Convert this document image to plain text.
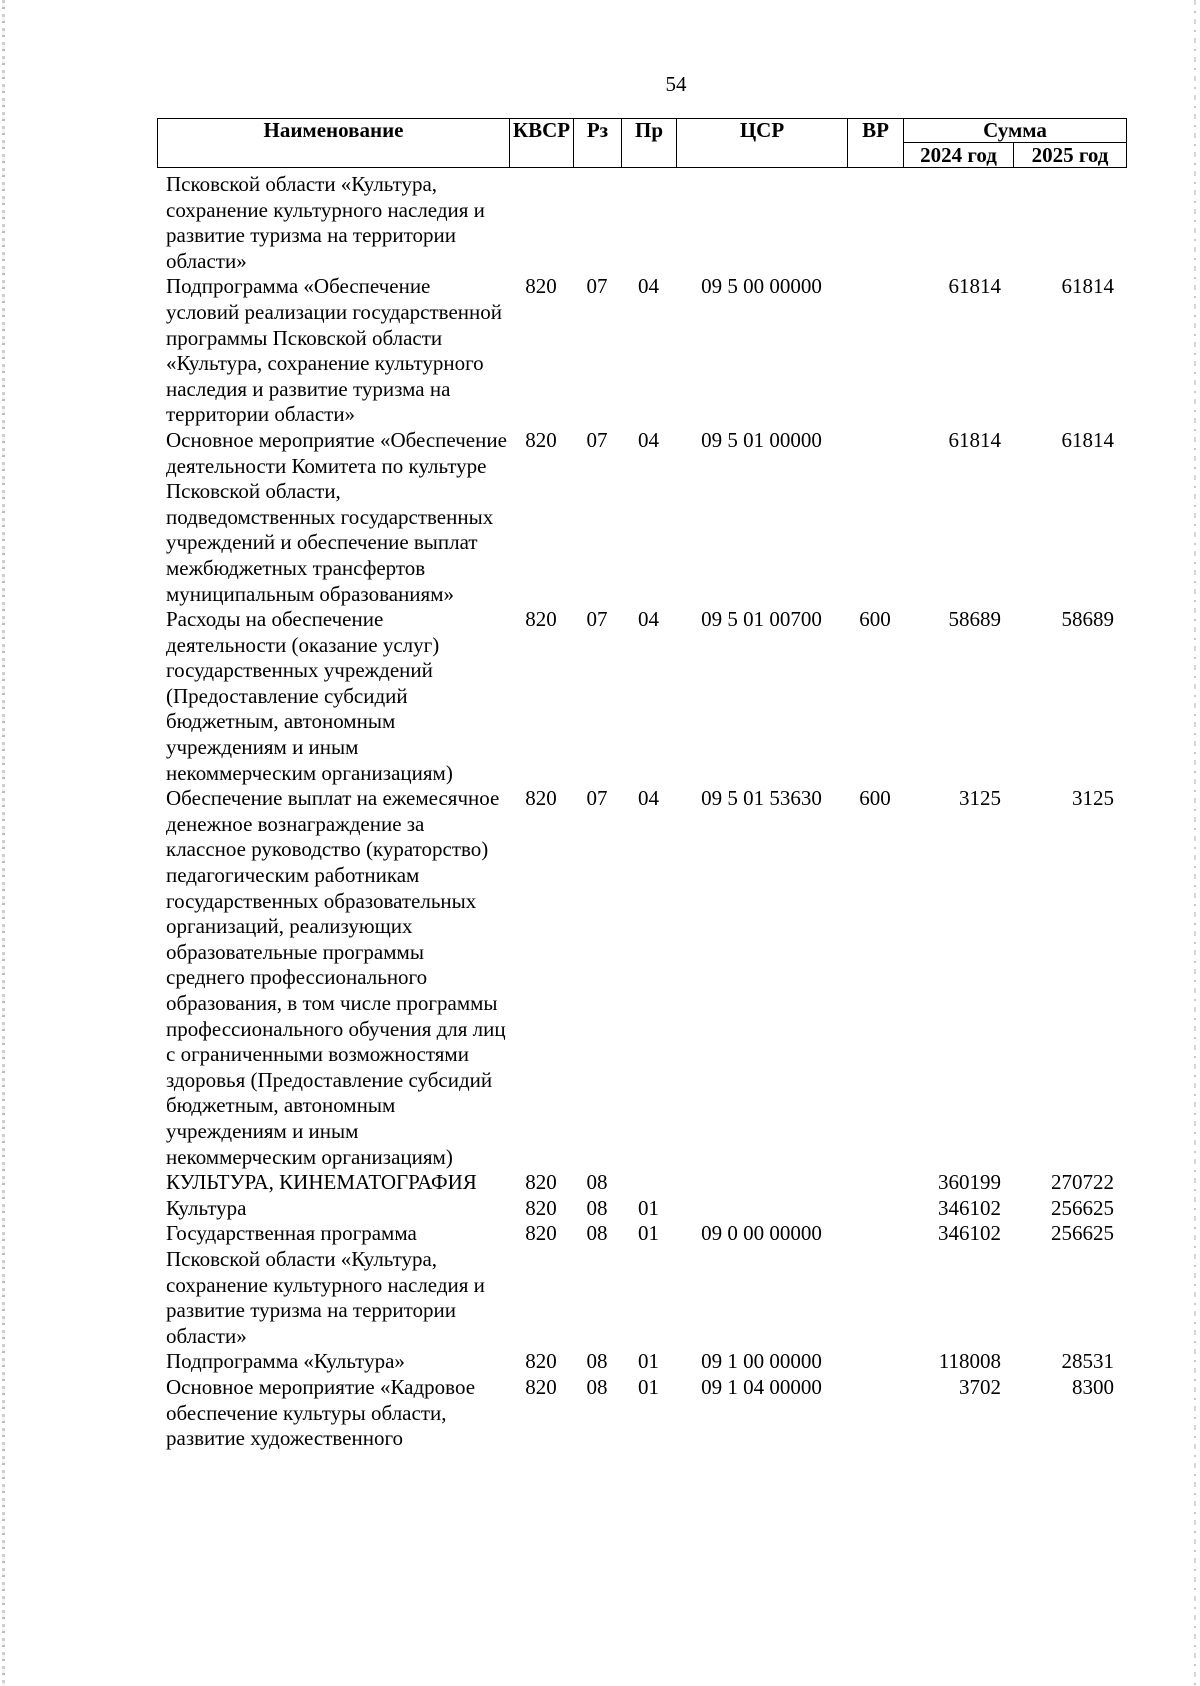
54
Наименование	КВСР	Рз	Пр	ЦСР	ВР	Сумма	
						2024 год	2025 год
Псковской области «Культура, сохранение культурного наследия и развитие туризма на территории области»							
Подпрограмма «Обеспечение условий реализации государственной программы Псковской области «Культура, сохранение культурного наследия и развитие туризма на территории области»	820	07	04	09 5 00 00000		61814	61814
Основное мероприятие «Обеспечение деятельности Комитета по культуре Псковской области, подведомственных государственных учреждений и обеспечение выплат межбюджетных трансфертов муниципальным образованиям»	820	07	04	09 5 01 00000		61814	61814
Расходы на обеспечение деятельности (оказание услуг) государственных учреждений (Предоставление субсидий бюджетным, автономным учреждениям и иным некоммерческим организациям)	820	07	04	09 5 01 00700	600	58689	58689
Обеспечение выплат на ежемесячное денежное вознаграждение за классное руководство (кураторство) педагогическим работникам государственных образовательных организаций, реализующих образовательные программы среднего профессионального образования, в том числе программы профессионального обучения для лиц с ограниченными возможностями здоровья (Предоставление субсидий бюджетным, автономным учреждениям и иным некоммерческим организациям)	820	07	04	09 5 01 53630	600	3125	3125
КУЛЬТУРА, КИНЕМАТОГРАФИЯ	820	08				360199	270722
Культура	820	08	01			346102	256625
Государственная программа Псковской области «Культура, сохранение культурного наследия и развитие туризма на территории области»	820	08	01	09 0 00 00000		346102	256625
Подпрограмма «Культура»	820	08	01	09 1 00 00000		118008	28531
Основное мероприятие «Кадровое обеспечение культуры области, развитие художественного	820	08	01	09 1 04 00000		3702	8300
